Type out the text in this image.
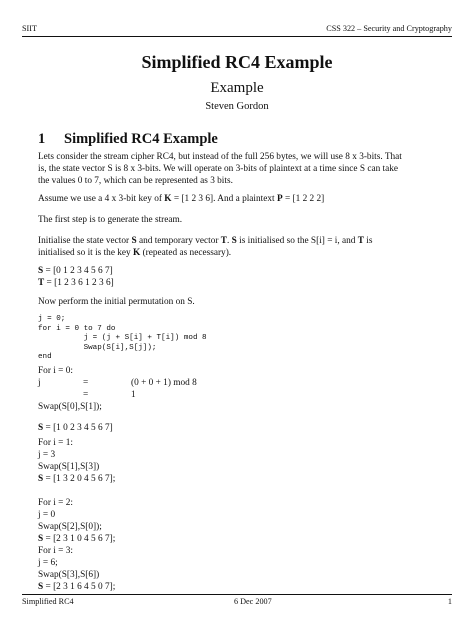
SIIT	CSS 322 – Security and Cryptography
Simplified RC4 Example
Example
Steven Gordon
1 Simplified RC4 Example
Lets consider the stream cipher RC4, but instead of the full 256 bytes, we will use 8 x 3-bits. That
is, the state vector S is 8 x 3-bits. We will operate on 3-bits of plaintext at a time since S can take
the values 0 to 7, which can be represented as 3 bits.
Assume we use a 4 x 3-bit key of K = [1 2 3 6]. And a plaintext P = [1 2 2 2]
The first step is to generate the stream.
Initialise the state vector S and temporary vector T. S is initialised so the S[i] = i, and T is
initialised so it is the key K (repeated as necessary).
S = [0 1 2 3 4 5 6 7]
T = [1 2 3 6 1 2 3 6]
Now perform the initial permutation on S.
j = 0;
for i = 0 to 7 do
j = (j + S[i] + T[i]) mod 8
Swap(S[i],S[j]);
end
For i = 0:
j	=	(0 + 0 + 1) mod 8
=	1
Swap(S[0],S[1]);
S = [1 0 2 3 4 5 6 7]
For i = 1:
j = 3
Swap(S[1],S[3])
S = [1 3 2 0 4 5 6 7];
For i = 2:
j = 0
Swap(S[2],S[0]);
S = [2 3 1 0 4 5 6 7];
For i = 3:
j = 6;
Swap(S[3],S[6])
S = [2 3 1 6 4 5 0 7];
Simplified RC4	6 Dec 2007	1
